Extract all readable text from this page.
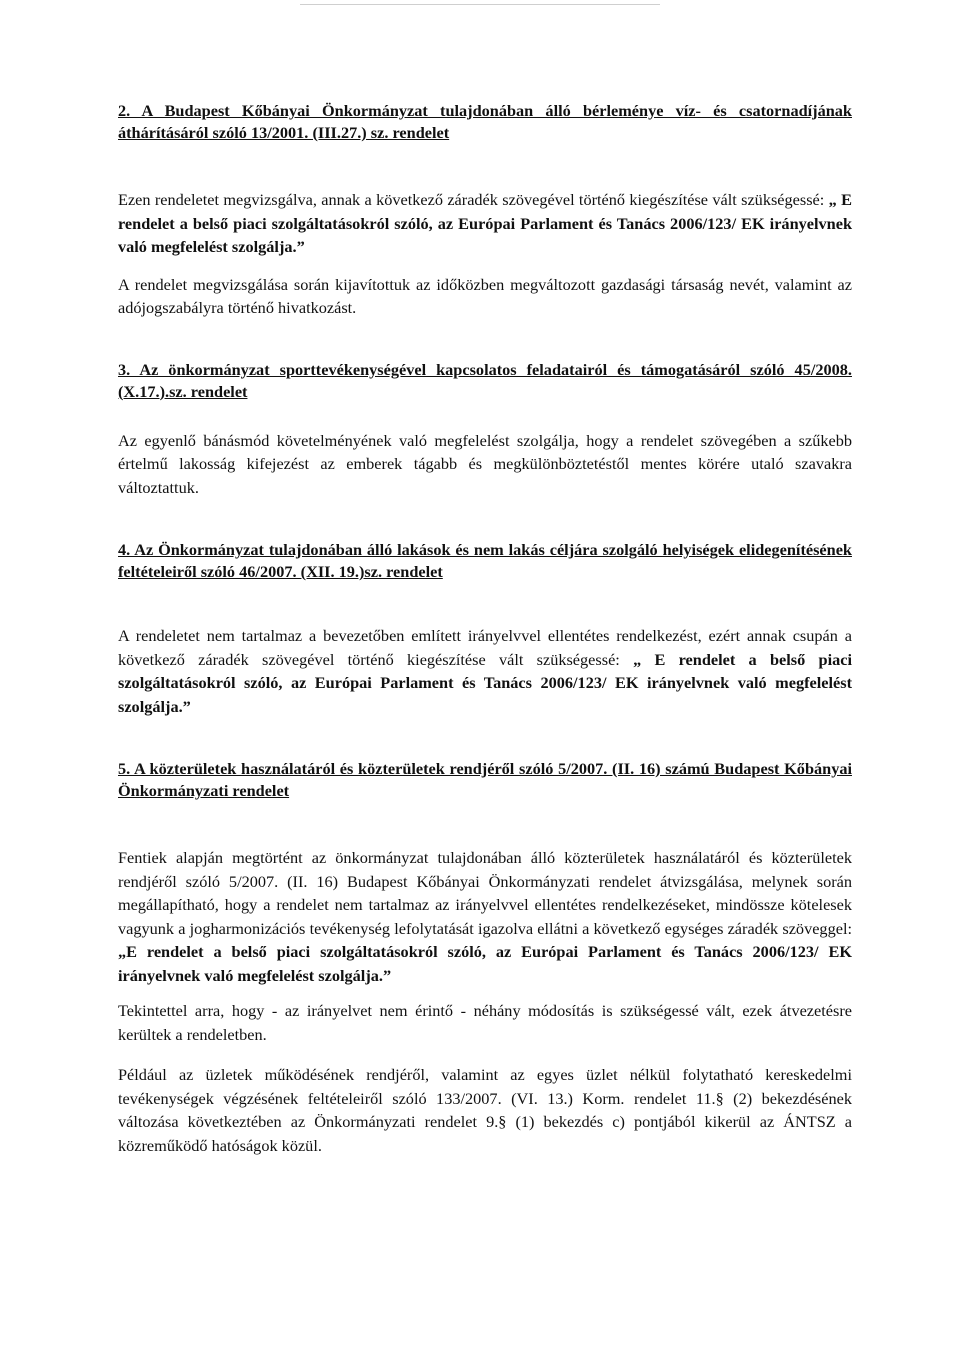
2. A Budapest Kőbányai Önkormányzat tulajdonában álló bérleménye víz- és csatornadíjának áthárításáról szóló 13/2001. (III.27.) sz. rendelet

Ezen rendeletet megvizsgálva, annak a következő záradék szövegével történő kiegészítése vált szükségessé: „ E rendelet a belső piaci szolgáltatásokról szóló, az Európai Parlament és Tanács 2006/123/ EK irányelvnek való megfelelést szolgálja.”

A rendelet megvizsgálása során kijavítottuk az időközben megváltozott gazdasági társaság nevét, valamint az adójogszabályra történő hivatkozást.

3. Az önkormányzat sporttevékenységével kapcsolatos feladatairól és támogatásáról szóló 45/2008.(X.17.).sz. rendelet

Az egyenlő bánásmód követelményének való megfelelést szolgálja, hogy a rendelet szövegében a szűkebb értelmű lakosság kifejezést az emberek tágabb és megkülönböztetéstől mentes körére utaló szavakra változtattuk.

4. Az Önkormányzat tulajdonában álló lakások és nem lakás céljára szolgáló helyiségek elidegenítésének feltételeiről szóló 46/2007. (XII. 19.)sz. rendelet

A rendeletet nem tartalmaz a bevezetőben említett irányelvvel ellentétes rendelkezést, ezért annak csupán a következő záradék szövegével történő kiegészítése vált szükségessé: „ E rendelet a belső piaci szolgáltatásokról szóló, az Európai Parlament és Tanács 2006/123/ EK irányelvnek való megfelelést szolgálja.”

5. A közterületek használatáról és közterületek rendjéről szóló 5/2007. (II. 16) számú Budapest Kőbányai Önkormányzati rendelet

Fentiek alapján megtörtént az önkormányzat tulajdonában álló közterületek használatáról és közterületek rendjéről szóló 5/2007. (II. 16) Budapest Kőbányai Önkormányzati rendelet átvizsgálása, melynek során megállapítható, hogy a rendelet nem tartalmaz az irányelvvel ellentétes rendelkezéseket, mindössze kötelesek vagyunk a jogharmonizációs tevékenység lefolytatását igazolva ellátni a következő egységes záradék szöveggel: „E rendelet a belső piaci szolgáltatásokról szóló, az Európai Parlament és Tanács 2006/123/ EK irányelvnek való megfelelést szolgálja.”

Tekintettel arra, hogy - az irányelvet nem érintő - néhány módosítás is szükségessé vált, ezek átvezetésre kerültek a rendeletben.

Például az üzletek működésének rendjéről, valamint az egyes üzlet nélkül folytatható kereskedelmi tevékenységek végzésének feltételeiről szóló 133/2007. (VI. 13.) Korm. rendelet 11.§ (2) bekezdésének változása következtében az Önkormányzati rendelet 9.§ (1) bekezdés c) pontjából kikerül az ÁNTSZ a közreműködő hatóságok közül.
